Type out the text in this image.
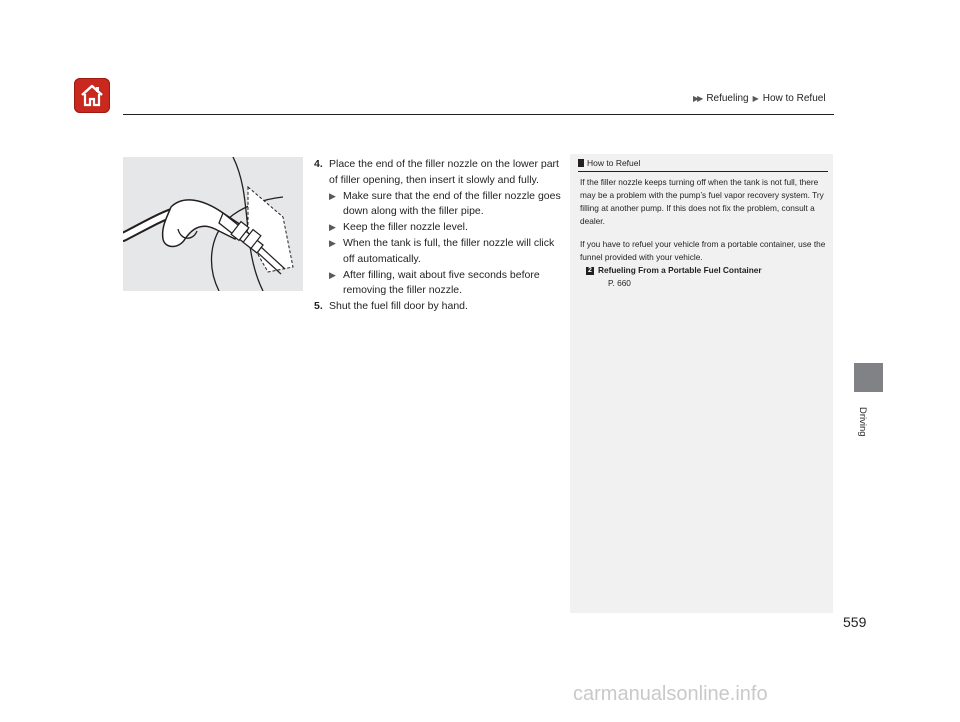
▶▶ Refueling ▶ How to Refuel
4. Place the end of the filler nozzle on the lower part of filler opening, then insert it slowly and fully.
▶ Make sure that the end of the filler nozzle goes down along with the filler pipe.
▶ Keep the filler nozzle level.
▶ When the tank is full, the filler nozzle will click off automatically.
▶ After filling, wait about five seconds before removing the filler nozzle.
5. Shut the fuel fill door by hand.
How to Refuel

If the filler nozzle keeps turning off when the tank is not full, there may be a problem with the pump’s fuel vapor recovery system. Try filling at another pump. If this does not fix the problem, consult a dealer.

If you have to refuel your vehicle from a portable container, use the funnel provided with your vehicle.

2 Refueling From a Portable Fuel Container
P. 660
Driving
559
carmanualsonline.info
